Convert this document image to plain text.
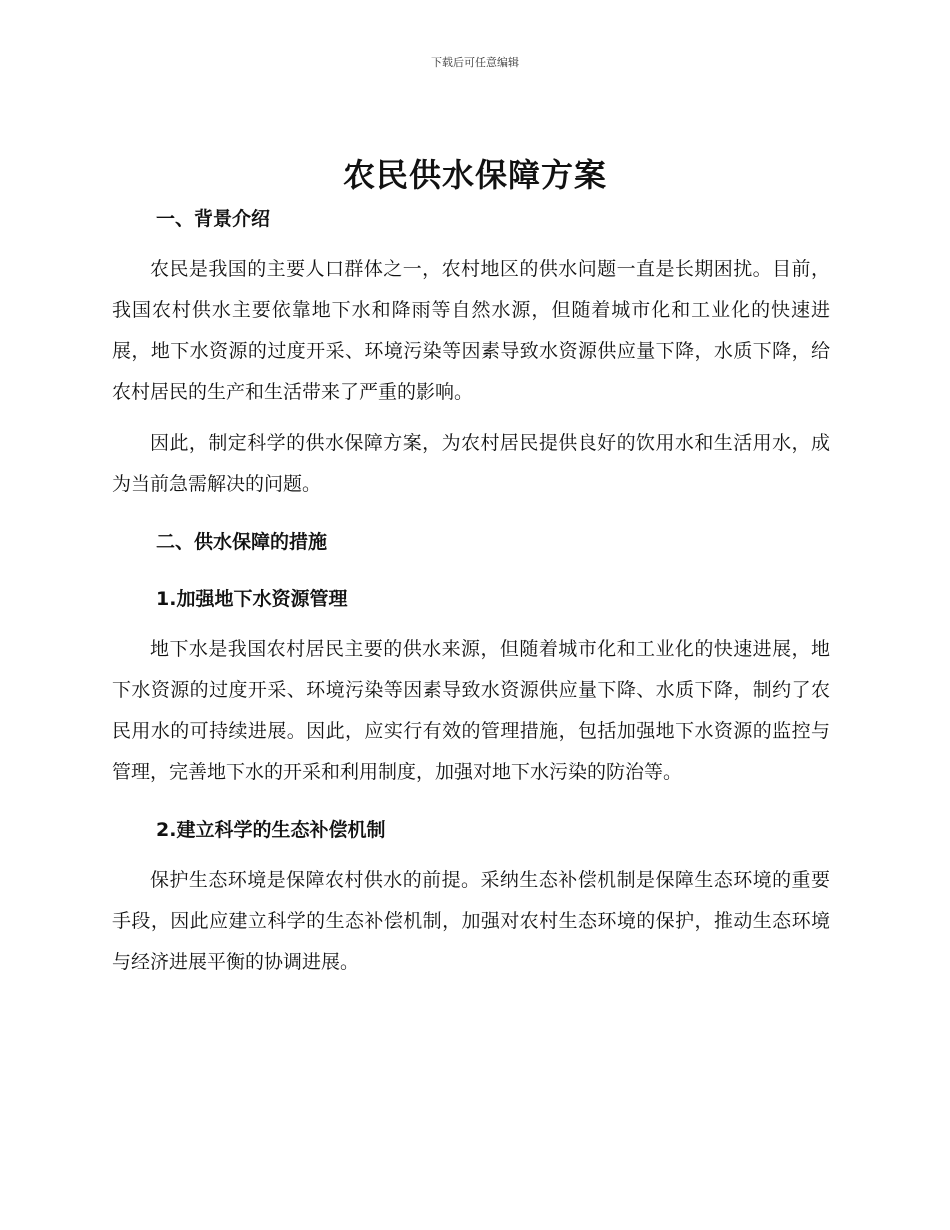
下载后可任意编辑
农民供水保障方案
一、背景介绍

农民是我国的主要人口群体之一，农村地区的供水问题一直是长期困扰。目前，我国农村供水主要依靠地下水和降雨等自然水源，但随着城市化和工业化的快速进展，地下水资源的过度开采、环境污染等因素导致水资源供应量下降，水质下降，给农村居民的生产和生活带来了严重的影响。

因此，制定科学的供水保障方案，为农村居民提供良好的饮用水和生活用水，成为当前急需解决的问题。

二、供水保障的措施
1.加强地下水资源管理

地下水是我国农村居民主要的供水来源，但随着城市化和工业化的快速进展，地下水资源的过度开采、环境污染等因素导致水资源供应量下降、水质下降，制约了农民用水的可持续进展。因此，应实行有效的管理措施，包括加强地下水资源的监控与管理，完善地下水的开采和利用制度，加强对地下水污染的防治等。

2.建立科学的生态补偿机制

保护生态环境是保障农村供水的前提。采纳生态补偿机制是保障生态环境的重要手段，因此应建立科学的生态补偿机制，加强对农村生态环境的保护，推动生态环境与经济进展平衡的协调进展。
